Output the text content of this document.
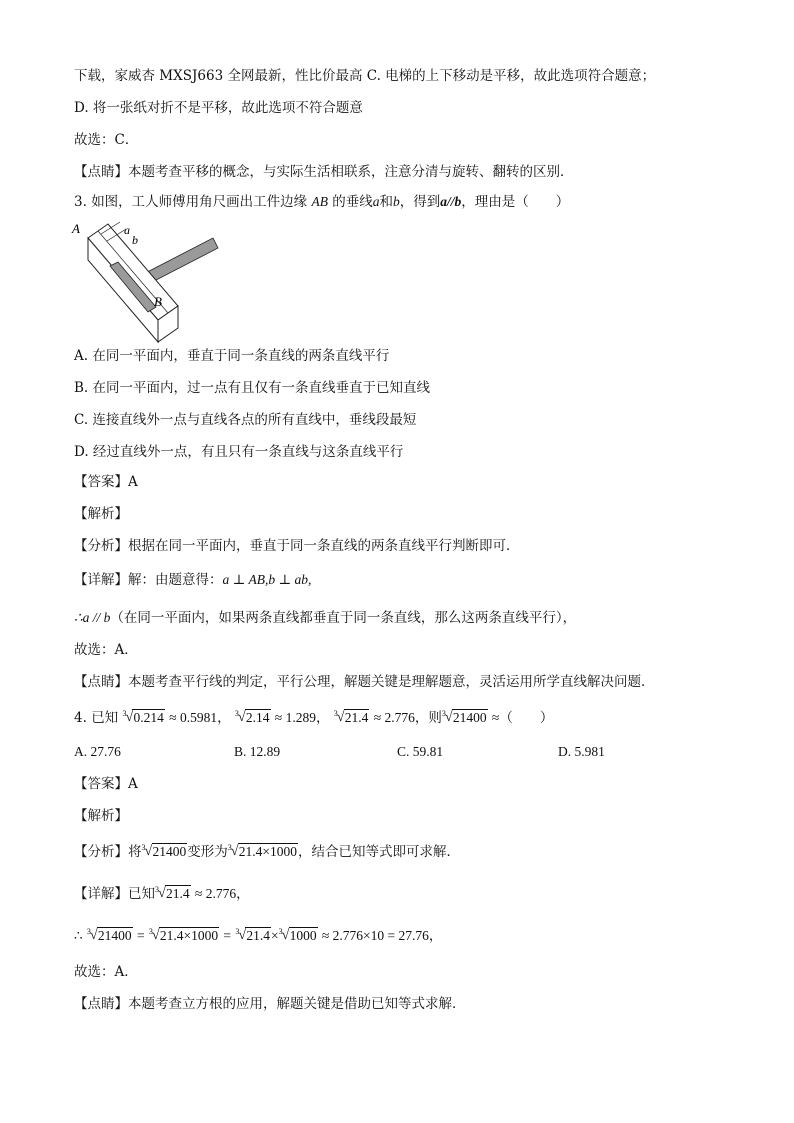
下载，家威杏 MXSJ663 全网最新，性比价最高 C. 电梯的上下移动是平移，故此选项符合题意；
D. 将一张纸对折不是平移，故此选项不符合题意
故选：C．
【点睛】本题考查平移的概念，与实际生活相联系，注意分清与旋转、翻转的区别．
3. 如图，工人师傅用角尺画出工件边缘 AB 的垂线a和b，得到a//b，理由是（　　）
A	a
b
B
A. 在同一平面内，垂直于同一条直线的两条直线平行
B. 在同一平面内，过一点有且仅有一条直线垂直于已知直线
C. 连接直线外一点与直线各点的所有直线中，垂线段最短
D. 经过直线外一点，有且只有一条直线与这条直线平行
【答案】A
【解析】
【分析】根据在同一平面内，垂直于同一条直线的两条直线平行判断即可．
【详解】解：由题意得：a ⊥ AB,b ⊥ ab,
∴a // b（在同一平面内，如果两条直线都垂直于同一条直线，那么这两条直线平行），
故选：A．
【点睛】本题考查平行线的判定，平行公理，解题关键是理解题意，灵活运用所学直线解决问题．
4. 已知 3 √ 0.214 ≈ 0.5981， 3 √ 2.14 ≈ 1.289， 3 √ 21.4 ≈ 2.776，则 3 √ 21400 ≈（　　）
A. 27.76	B. 12.89	C. 59.81	D. 5.981
【答案】A
【解析】
【分析】将 3 √ 21400变形为 3 √ 21.4×1000，结合已知等式即可求解．
【详解】已知 3 √ 21.4 ≈ 2.776，
∴ 3 √ 21400 = 3 √ 21.4×1000 = 3 √ 21.4× 3 √ 1000 ≈ 2.776×10 = 27.76，
故选：A．
【点睛】本题考查立方根的应用，解题关键是借助已知等式求解．
